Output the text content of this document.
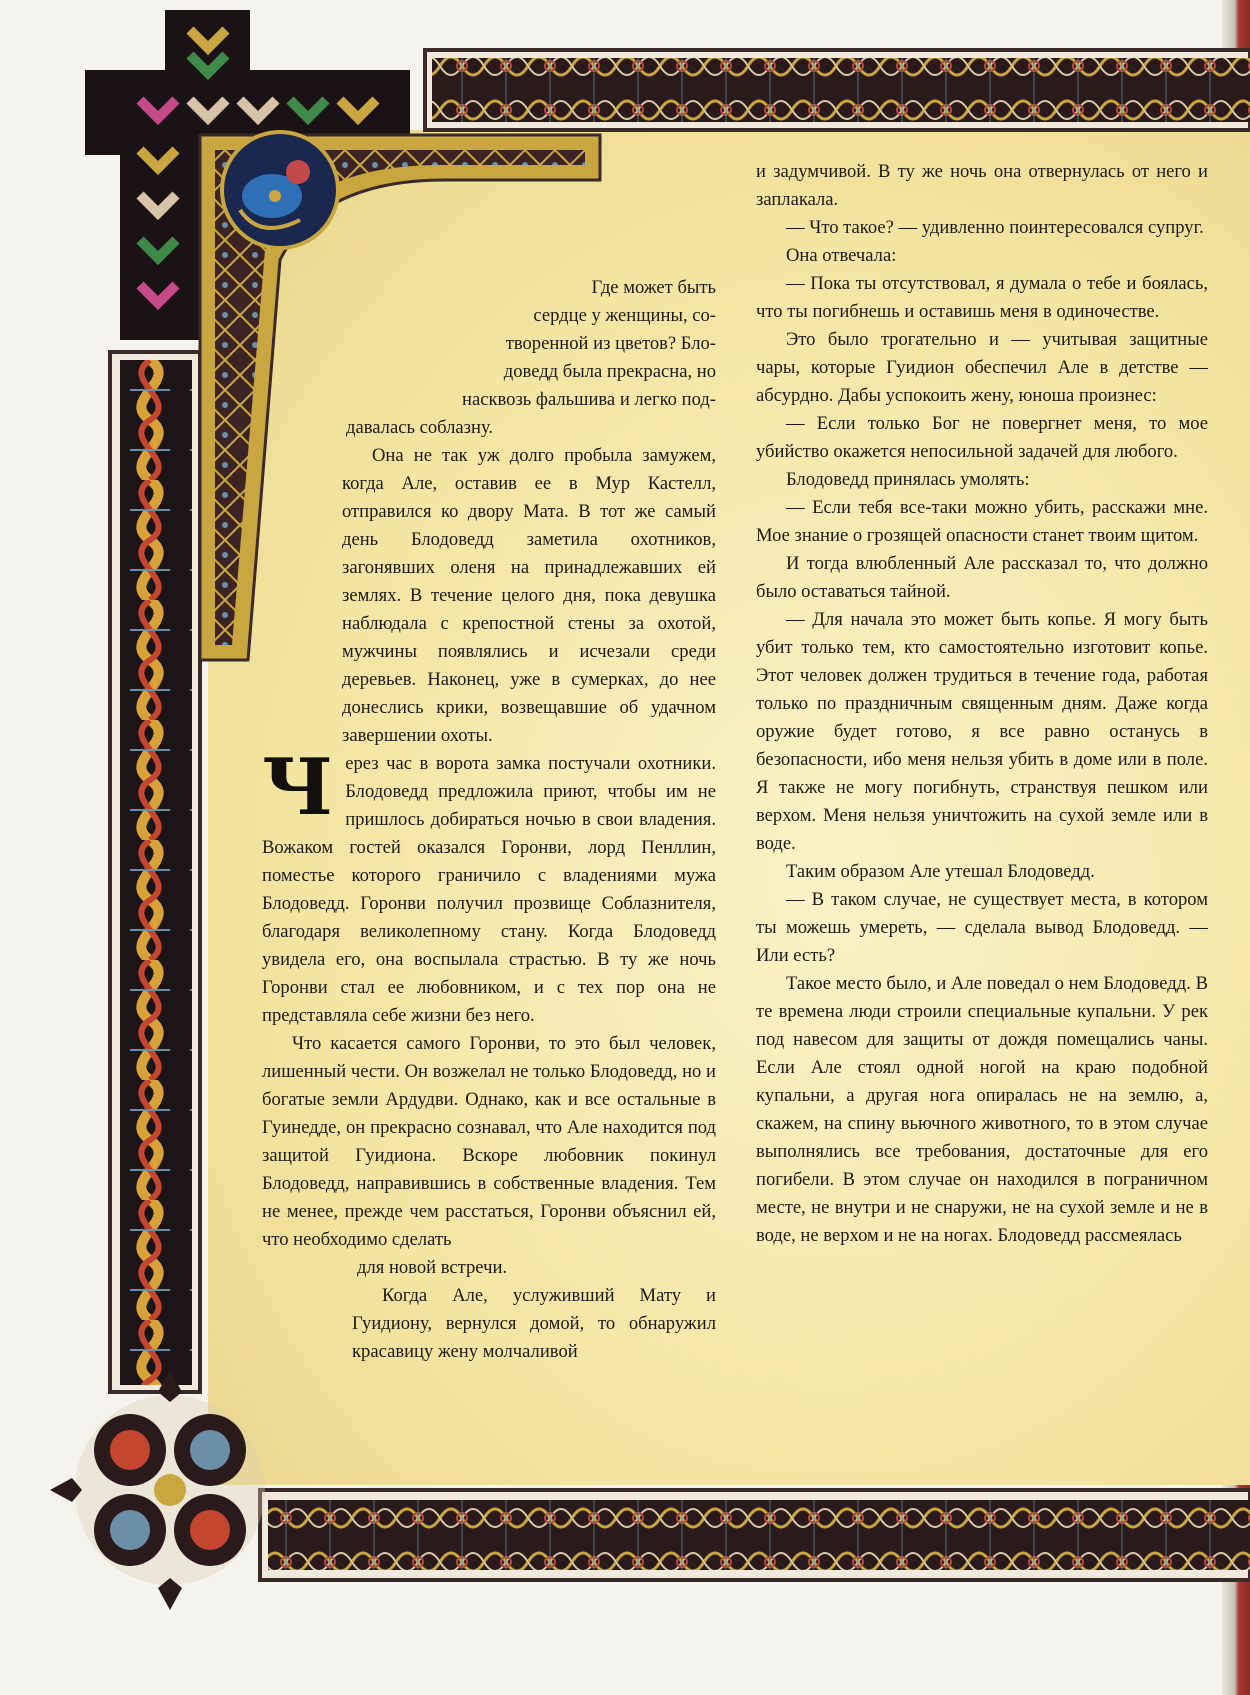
Где может быть

сердце у женщины, со-

творенной из цветов? Бло-

доведд была прекрасна, но

насквозь фальшива и легко под-

давалась соблазну.

Она не так уж долго пробыла замужем, когда Але, оставив ее в Мур Кастелл, отправился ко двору Мата. В тот же самый день Блодоведд заметила охотников, загонявших оленя на принадлежавших ей землях. В течение целого дня, пока девушка наблюдала с крепостной стены за охотой, мужчины появлялись и исчезали среди деревьев. Наконец, уже в сумерках, до нее донеслись крики, возвещавшие об удачном завершении охоты.

Через час в ворота замка постучали охотники. Блодоведд предложила приют, чтобы им не пришлось добираться ночью в свои владения. Вожаком гостей оказался Горонви, лорд Пенллин, поместье которого граничило с владениями мужа Блодоведд. Горонви получил прозвище Соблазнителя, благодаря великолепному стану. Когда Блодоведд увидела его, она воспылала страстью. В ту же ночь Горонви стал ее любовником, и с тех пор она не представляла себе жизни без него.

Что касается самого Горонви, то это был человек, лишенный чести. Он возжелал не только Блодоведд, но и богатые земли Ардудви. Однако, как и все остальные в Гуинедде, он прекрасно сознавал, что Але находится под защитой Гуидиона. Вскоре любовник покинул Блодоведд, направившись в собственные владения. Тем не менее, прежде чем расстаться, Горонви объяснил ей, что необходимо сделать

для новой встречи.

Когда Але, услуживший Мату и Гуидиону, вернулся домой, то обнаружил красавицу жену молчаливой

и задумчивой. В ту же ночь она отвернулась от него и заплакала.

— Что такое? — удивленно поинтересовался супруг.

Она отвечала:

— Пока ты отсутствовал, я думала о тебе и боялась, что ты погибнешь и оставишь меня в одиночестве.

Это было трогательно и — учитывая защитные чары, которые Гуидион обеспечил Але в детстве — абсурдно. Дабы успокоить жену, юноша произнес:

— Если только Бог не повергнет меня, то мое убийство окажется непосильной задачей для любого.

Блодоведд принялась умолять:

— Если тебя все-таки можно убить, расскажи мне. Мое знание о грозящей опасности станет твоим щитом.

И тогда влюбленный Але рассказал то, что должно было оставаться тайной.

— Для начала это может быть копье. Я могу быть убит только тем, кто самостоятельно изготовит копье. Этот человек должен трудиться в течение года, работая только по праздничным священным дням. Даже когда оружие будет готово, я все равно останусь в безопасности, ибо меня нельзя убить в доме или в поле. Я также не могу погибнуть, странствуя пешком или верхом. Меня нельзя уничтожить на сухой земле или в воде.

Таким образом Але утешал Блодоведд.

— В таком случае, не существует места, в котором ты можешь умереть, — сделала вывод Блодоведд. — Или есть?

Такое место было, и Але поведал о нем Блодоведд. В те времена люди строили специальные купальни. У рек под навесом для защиты от дождя помещались чаны. Если Але стоял одной ногой на краю подобной купальни, а другая нога опиралась не на землю, а, скажем, на спину вьючного животного, то в этом случае выполнялись все требования, достаточные для его погибели. В этом случае он находился в пограничном месте, не внутри и не снаружи, не на сухой земле и не в воде, не верхом и не на ногах. Блодоведд рассмеялась
